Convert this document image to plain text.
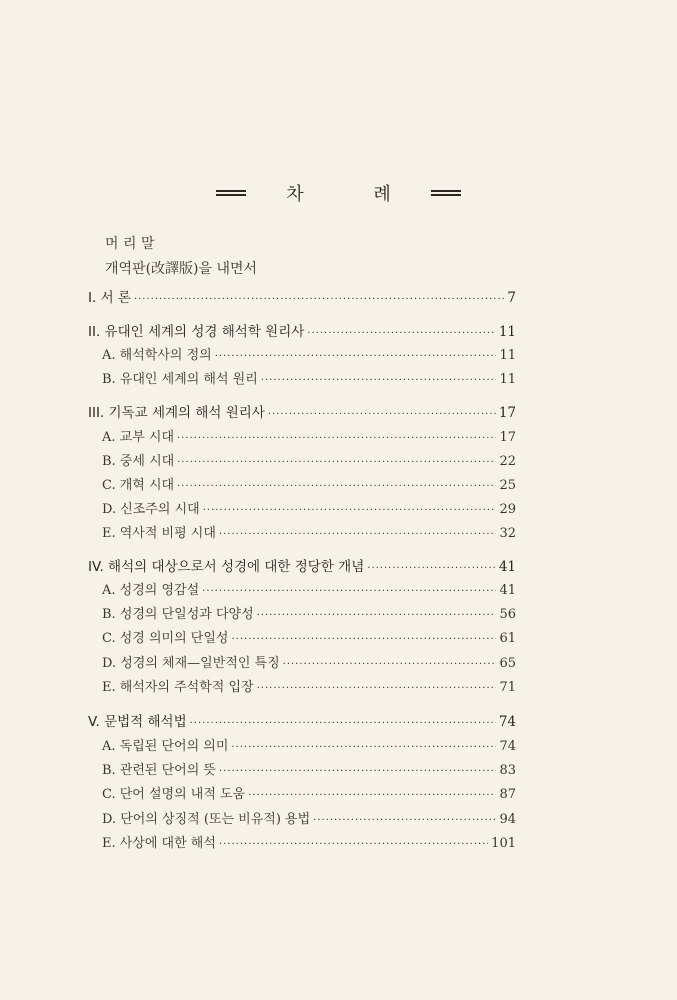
차 례
머 리 말
개역판(改譯版)을 내면서
I. 서 론 ·····	7
II. 유대인 세계의 성경 해석학 원리사 ·····	11
A. 해석학사의 정의 ·····	11
B. 유대인 세계의 해석 원리 ·····	11
III. 기독교 세계의 해석 원리사 ·····	17
A. 교부 시대 ·····	17
B. 중세 시대 ·····	22
C. 개혁 시대 ·····	25
D. 신조주의 시대 ·····	29
E. 역사적 비평 시대 ·····	32
IV. 해석의 대상으로서 성경에 대한 정당한 개념 ·····	41
A. 성경의 영감설 ·····	41
B. 성경의 단일성과 다양성 ·····	56
C. 성경 의미의 단일성 ·····	61
D. 성경의 체재—일반적인 특징 ·····	65
E. 해석자의 주석학적 입장 ·····	71
V. 문법적 해석법 ·····	74
A. 독립된 단어의 의미 ·····	74
B. 관련된 단어의 뜻 ·····	83
C. 단어 설명의 내적 도움 ·····	87
D. 단어의 상징적 (또는 비유적) 용법 ·····	94
E. 사상에 대한 해석 ·····	101
